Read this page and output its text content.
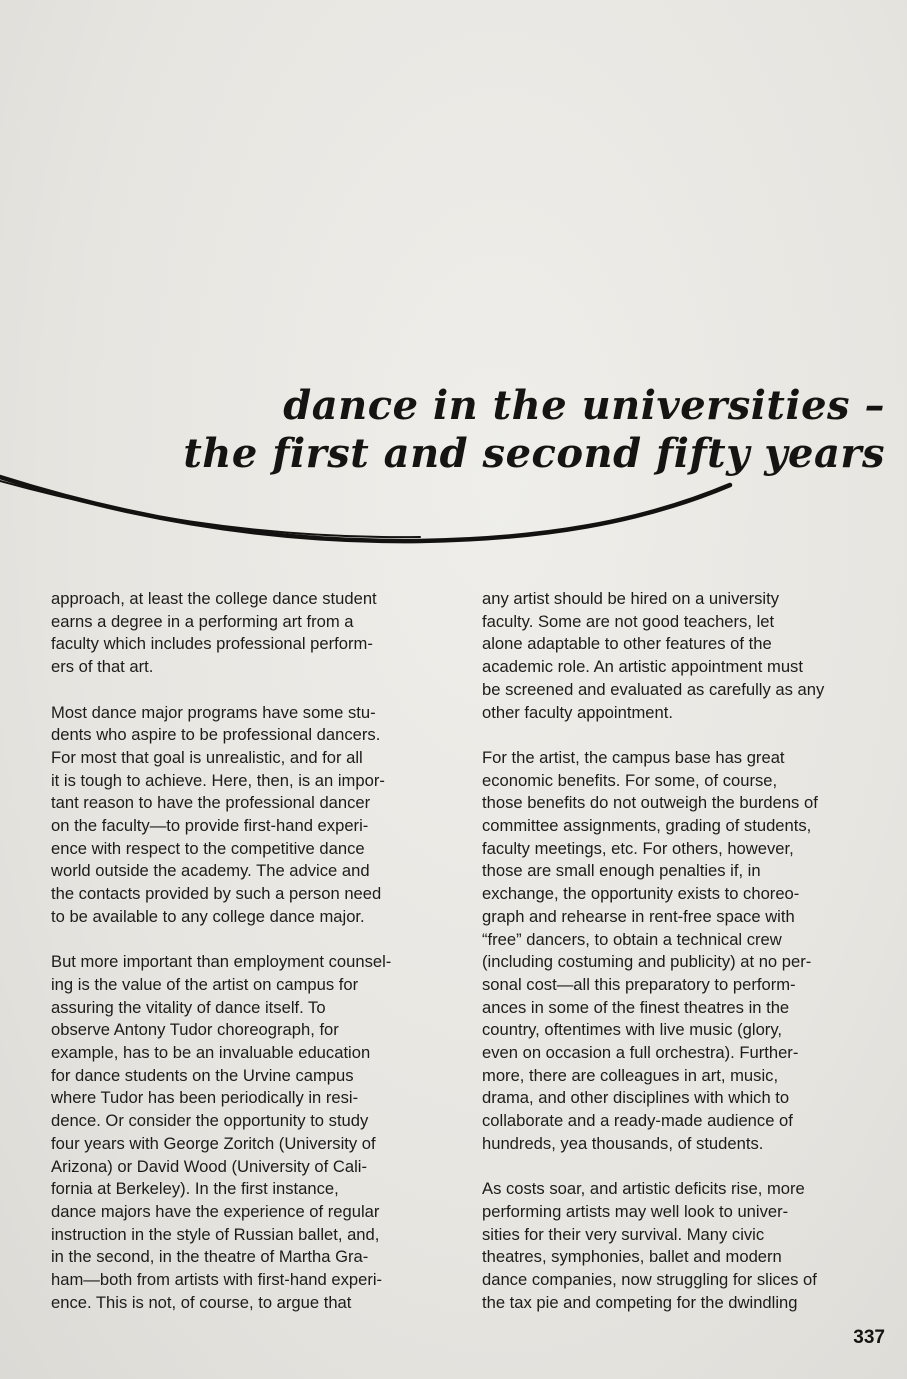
dance in the universities –
the first and second fifty years

approach, at least the college dance student
earns a degree in a performing art from a
faculty which includes professional perform-
ers of that art.

Most dance major programs have some stu-
dents who aspire to be professional dancers.
For most that goal is unrealistic, and for all
it is tough to achieve. Here, then, is an impor-
tant reason to have the professional dancer
on the faculty—to provide first-hand experi-
ence with respect to the competitive dance
world outside the academy. The advice and
the contacts provided by such a person need
to be available to any college dance major.

But more important than employment counsel-
ing is the value of the artist on campus for
assuring the vitality of dance itself. To
observe Antony Tudor choreograph, for
example, has to be an invaluable education
for dance students on the Urvine campus
where Tudor has been periodically in resi-
dence. Or consider the opportunity to study
four years with George Zoritch (University of
Arizona) or David Wood (University of Cali-
fornia at Berkeley). In the first instance,
dance majors have the experience of regular
instruction in the style of Russian ballet, and,
in the second, in the theatre of Martha Gra-
ham—both from artists with first-hand experi-
ence. This is not, of course, to argue that

any artist should be hired on a university
faculty. Some are not good teachers, let
alone adaptable to other features of the
academic role. An artistic appointment must
be screened and evaluated as carefully as any
other faculty appointment.

For the artist, the campus base has great
economic benefits. For some, of course,
those benefits do not outweigh the burdens of
committee assignments, grading of students,
faculty meetings, etc. For others, however,
those are small enough penalties if, in
exchange, the opportunity exists to choreo-
graph and rehearse in rent-free space with
“free” dancers, to obtain a technical crew
(including costuming and publicity) at no per-
sonal cost—all this preparatory to perform-
ances in some of the finest theatres in the
country, oftentimes with live music (glory,
even on occasion a full orchestra). Further-
more, there are colleagues in art, music,
drama, and other disciplines with which to
collaborate and a ready-made audience of
hundreds, yea thousands, of students.

As costs soar, and artistic deficits rise, more
performing artists may well look to univer-
sities for their very survival. Many civic
theatres, symphonies, ballet and modern
dance companies, now struggling for slices of
the tax pie and competing for the dwindling

337
